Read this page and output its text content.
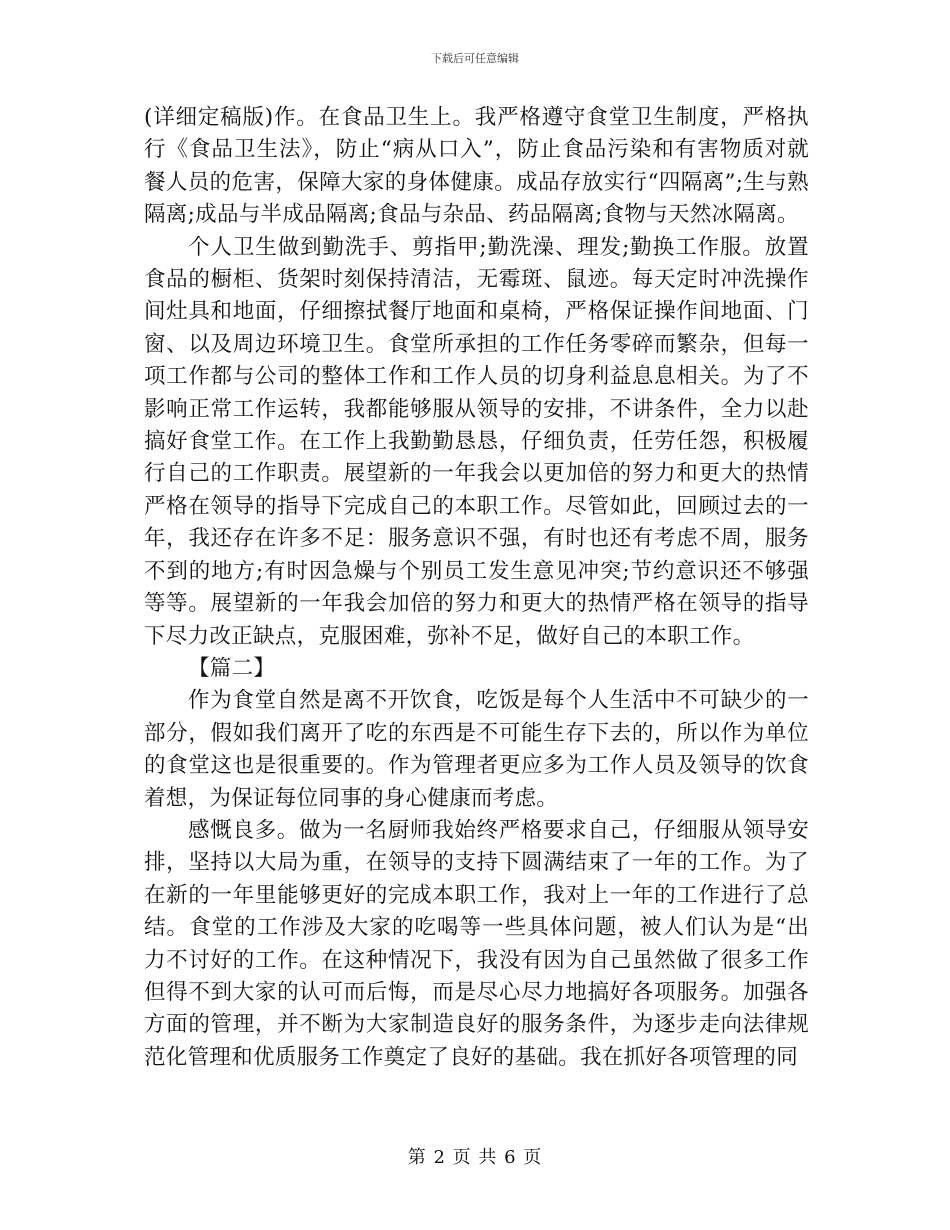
下载后可任意编辑

(详细定稿版)作。在食品卫生上。我严格遵守食堂卫生制度，严格执行《食品卫生法》，防止“病从口入”，防止食品污染和有害物质对就餐人员的危害，保障大家的身体健康。成品存放实行“四隔离”;生与熟隔离;成品与半成品隔离;食品与杂品、药品隔离;食物与天然冰隔离。

个人卫生做到勤洗手、剪指甲;勤洗澡、理发;勤换工作服。放置食品的橱柜、货架时刻保持清洁，无霉斑、鼠迹。每天定时冲洗操作间灶具和地面，仔细擦拭餐厅地面和桌椅，严格保证操作间地面、门窗、以及周边环境卫生。食堂所承担的工作任务零碎而繁杂，但每一项工作都与公司的整体工作和工作人员的切身利益息息相关。为了不影响正常工作运转，我都能够服从领导的安排，不讲条件，全力以赴搞好食堂工作。在工作上我勤勤恳恳，仔细负责，任劳任怨，积极履行自己的工作职责。展望新的一年我会以更加倍的努力和更大的热情严格在领导的指导下完成自己的本职工作。尽管如此，回顾过去的一年，我还存在许多不足：服务意识不强，有时也还有考虑不周，服务不到的地方;有时因急燥与个别员工发生意见冲突;节约意识还不够强等等。展望新的一年我会加倍的努力和更大的热情严格在领导的指导下尽力改正缺点，克服困难，弥补不足，做好自己的本职工作。

【篇二】

作为食堂自然是离不开饮食，吃饭是每个人生活中不可缺少的一部分，假如我们离开了吃的东西是不可能生存下去的，所以作为单位的食堂这也是很重要的。作为管理者更应多为工作人员及领导的饮食着想，为保证每位同事的身心健康而考虑。

感慨良多。做为一名厨师我始终严格要求自己，仔细服从领导安排，坚持以大局为重，在领导的支持下圆满结束了一年的工作。为了在新的一年里能够更好的完成本职工作，我对上一年的工作进行了总结。食堂的工作涉及大家的吃喝等一些具体问题，被人们认为是“出力不讨好的工作。在这种情况下，我没有因为自己虽然做了很多工作但得不到大家的认可而后悔，而是尽心尽力地搞好各项服务。加强各方面的管理，并不断为大家制造良好的服务条件，为逐步走向法律规范化管理和优质服务工作奠定了良好的基础。我在抓好各项管理的同

第 2 页 共 6 页
